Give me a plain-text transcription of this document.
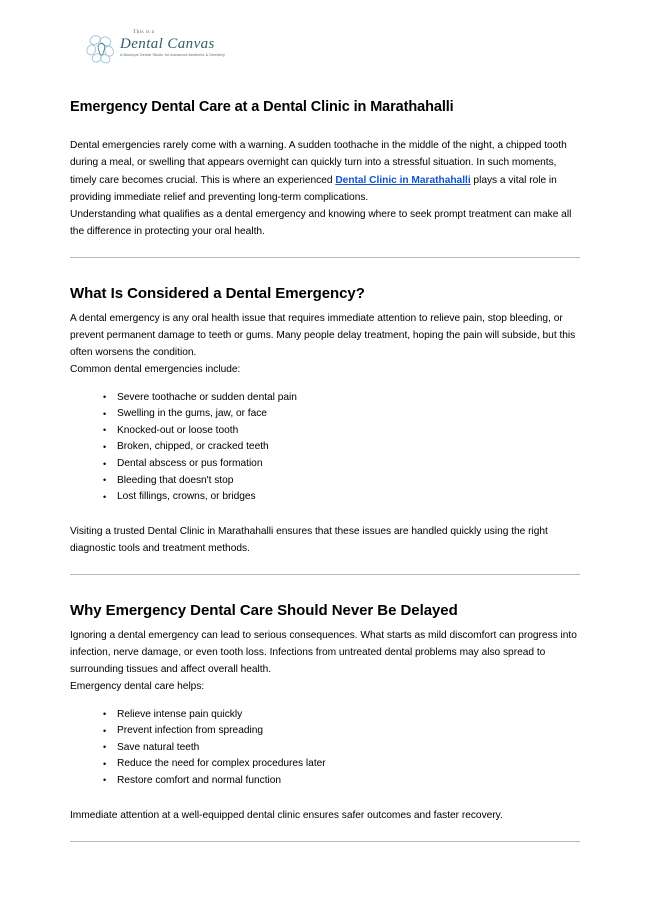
This is a
Dental Canvas
A Boutique Dental Studio for Advanced Aesthetic & Dentistry
Emergency Dental Care at a Dental Clinic in Marathahalli

Dental emergencies rarely come with a warning. A sudden toothache in the middle of the night, a chipped tooth during a meal, or swelling that appears overnight can quickly turn into a stressful situation. In such moments, timely care becomes crucial. This is where an experienced Dental Clinic in Marathahalli plays a vital role in providing immediate relief and preventing long-term complications.

Understanding what qualifies as a dental emergency and knowing where to seek prompt treatment can make all the difference in protecting your oral health.

What Is Considered a Dental Emergency?

A dental emergency is any oral health issue that requires immediate attention to relieve pain, stop bleeding, or prevent permanent damage to teeth or gums. Many people delay treatment, hoping the pain will subside, but this often worsens the condition.

Common dental emergencies include:

• Severe toothache or sudden dental pain
• Swelling in the gums, jaw, or face
• Knocked-out or loose tooth
• Broken, chipped, or cracked teeth
• Dental abscess or pus formation
• Bleeding that doesn't stop
• Lost fillings, crowns, or bridges

Visiting a trusted Dental Clinic in Marathahalli ensures that these issues are handled quickly using the right diagnostic tools and treatment methods.

Why Emergency Dental Care Should Never Be Delayed

Ignoring a dental emergency can lead to serious consequences. What starts as mild discomfort can progress into infection, nerve damage, or even tooth loss. Infections from untreated dental problems may also spread to surrounding tissues and affect overall health.

Emergency dental care helps:

• Relieve intense pain quickly
• Prevent infection from spreading
• Save natural teeth
• Reduce the need for complex procedures later
• Restore comfort and normal function

Immediate attention at a well-equipped dental clinic ensures safer outcomes and faster recovery.
